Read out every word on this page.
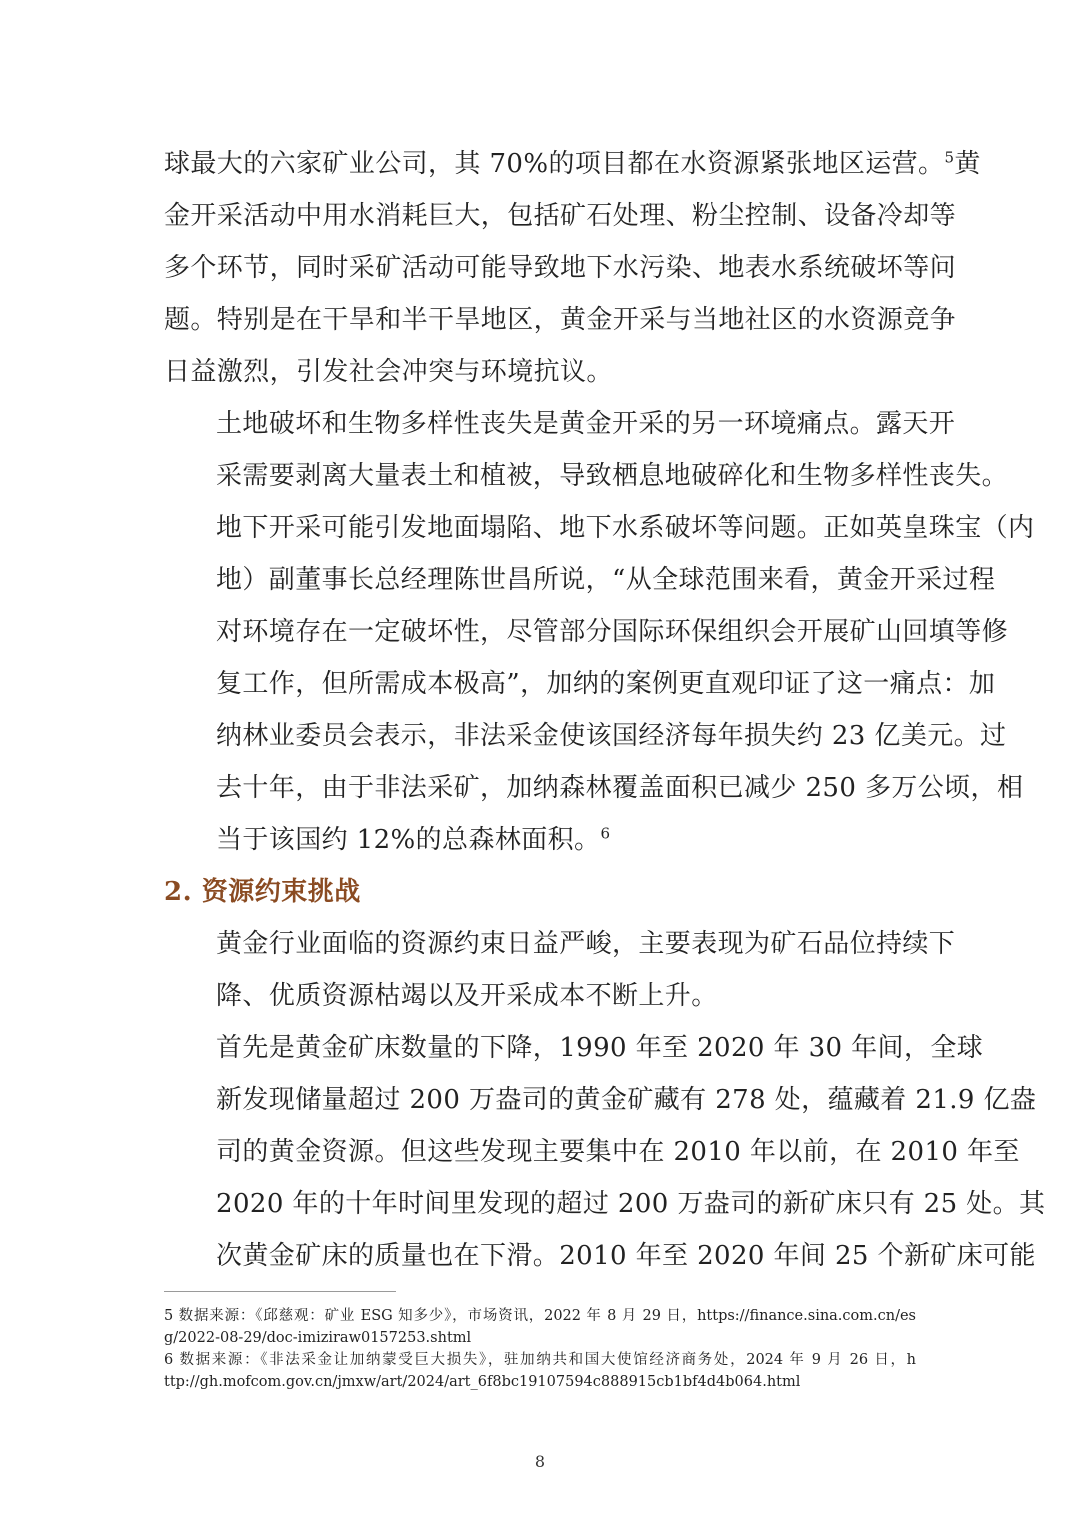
球最大的六家矿业公司，其 70%的项目都在水资源紧张地区运营。$^5$黄
金开采活动中用水消耗巨大，包括矿石处理、粉尘控制、设备冷却等
多个环节，同时采矿活动可能导致地下水污染、地表水系统破坏等问
题。特别是在干旱和半干旱地区，黄金开采与当地社区的水资源竞争
日益激烈，引发社会冲突与环境抗议。

土地破坏和生物多样性丧失是黄金开采的另一环境痛点。露天开
采需要剥离大量表土和植被，导致栖息地破碎化和生物多样性丧失。
地下开采可能引发地面塌陷、地下水系破坏等问题。正如英皇珠宝（内
地）副董事长总经理陈世昌所说，“从全球范围来看，黄金开采过程
对环境存在一定破坏性，尽管部分国际环保组织会开展矿山回填等修
复工作，但所需成本极高”，加纳的案例更直观印证了这一痛点：加
纳林业委员会表示，非法采金使该国经济每年损失约 23 亿美元。过
去十年，由于非法采矿，加纳森林覆盖面积已减少 250 多万公顷，相
当于该国约 12%的总森林面积。$^6$

2. 资源约束挑战

黄金行业面临的资源约束日益严峻，主要表现为矿石品位持续下
降、优质资源枯竭以及开采成本不断上升。

首先是黄金矿床数量的下降，1990 年至 2020 年 30 年间，全球
新发现储量超过 200 万盎司的黄金矿藏有 278 处，蕴藏着 21.9 亿盎
司的黄金资源。但这些发现主要集中在 2010 年以前，在 2010 年至
2020 年的十年时间里发现的超过 200 万盎司的新矿床只有 25 处。其
次黄金矿床的质量也在下滑。2010 年至 2020 年间 25 个新矿床可能

5 数据来源：《邱慈观：矿业 ESG 知多少》，市场资讯，2022 年 8 月 29 日，https://finance.sina.com.cn/es
g/2022-08-29/doc-imiziraw0157253.shtml

6 数据来源：《非法采金让加纳蒙受巨大损失》，驻加纳共和国大使馆经济商务处，2024 年 9 月 26 日，h
ttp://gh.mofcom.gov.cn/jmxw/art/2024/art_6f8bc19107594c888915cb1bf4d4b064.html

8
